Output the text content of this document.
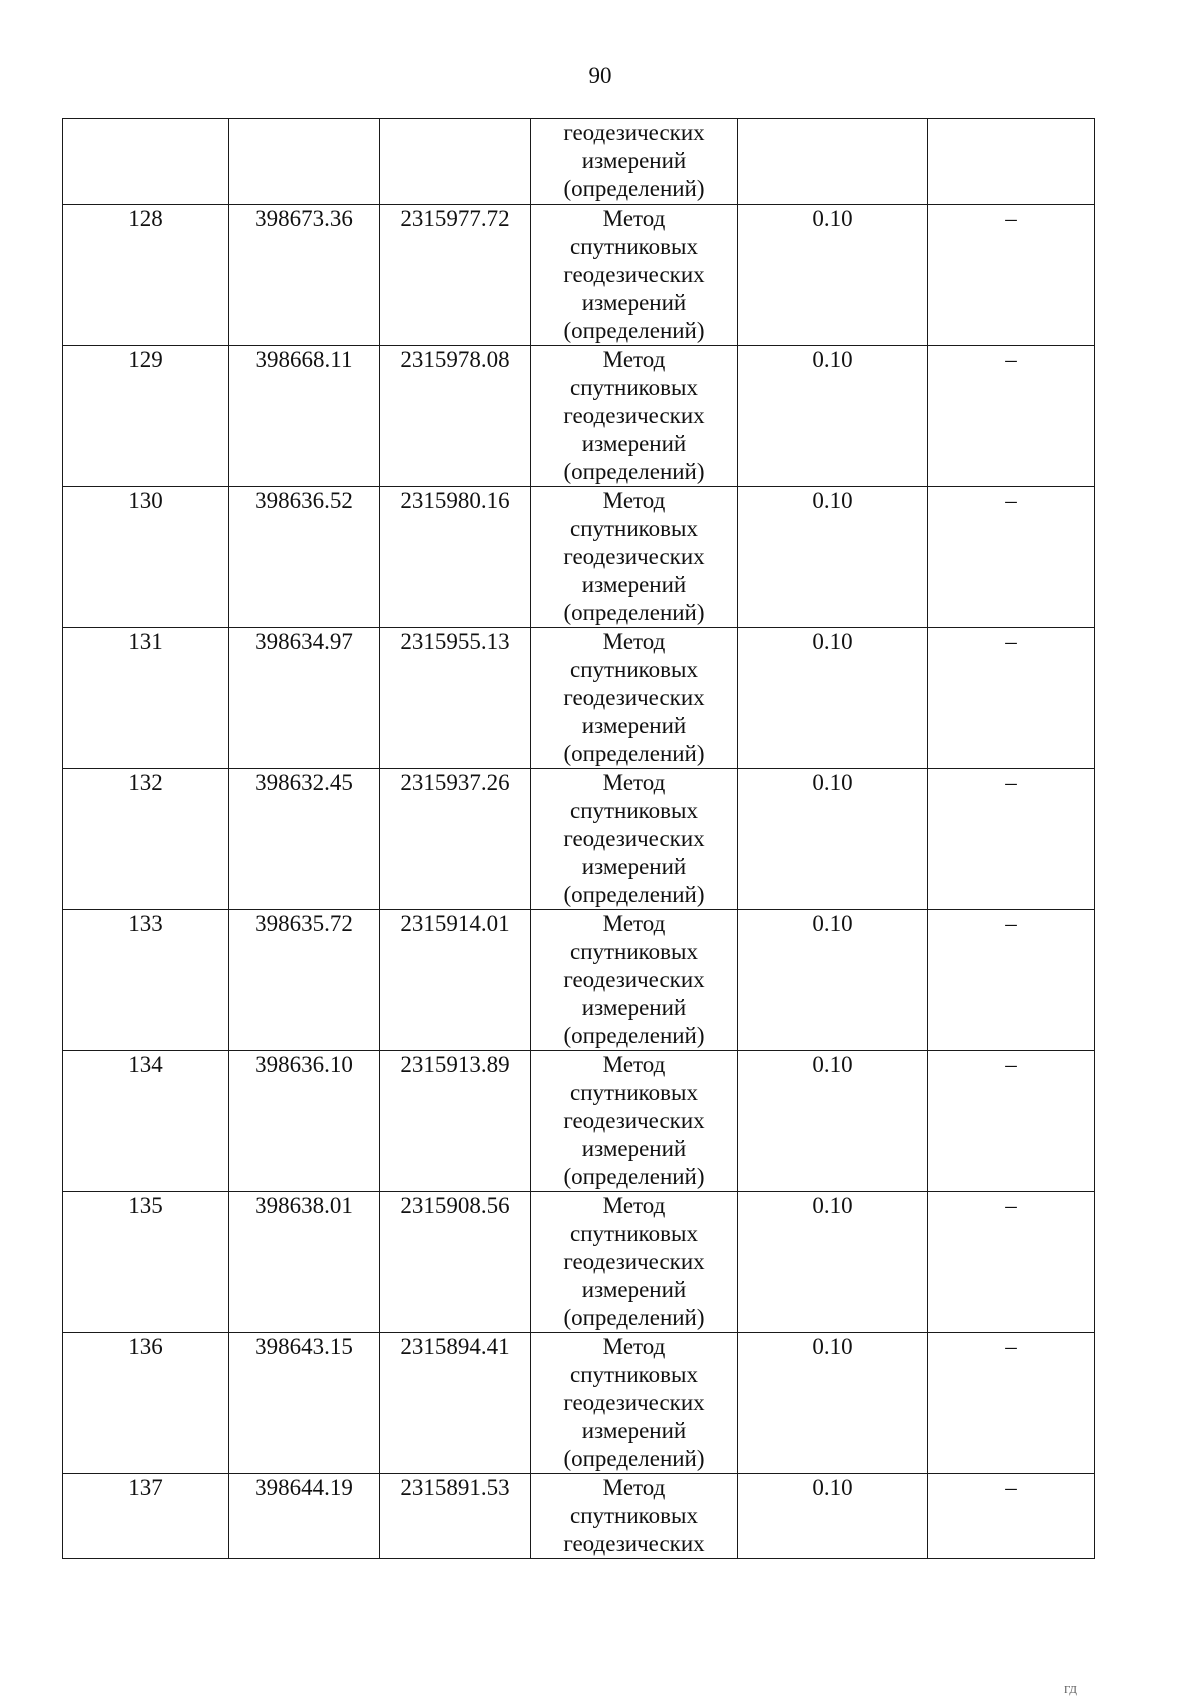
90

			геодезических
измерений
(определений)		

128	398673.36	2315977.72	Метод
спутниковых
геодезических
измерений
(определений)	0.10	–
129	398668.11	2315978.08	Метод
спутниковых
геодезических
измерений
(определений)	0.10	–
130	398636.52	2315980.16	Метод
спутниковых
геодезических
измерений
(определений)	0.10	–
131	398634.97	2315955.13	Метод
спутниковых
геодезических
измерений
(определений)	0.10	–
132	398632.45	2315937.26	Метод
спутниковых
геодезических
измерений
(определений)	0.10	–
133	398635.72	2315914.01	Метод
спутниковых
геодезических
измерений
(определений)	0.10	–
134	398636.10	2315913.89	Метод
спутниковых
геодезических
измерений
(определений)	0.10	–
135	398638.01	2315908.56	Метод
спутниковых
геодезических
измерений
(определений)	0.10	–
136	398643.15	2315894.41	Метод
спутниковых
геодезических
измерений
(определений)	0.10	–
137	398644.19	2315891.53	Метод
спутниковых
геодезических	0.10	–
ГД
